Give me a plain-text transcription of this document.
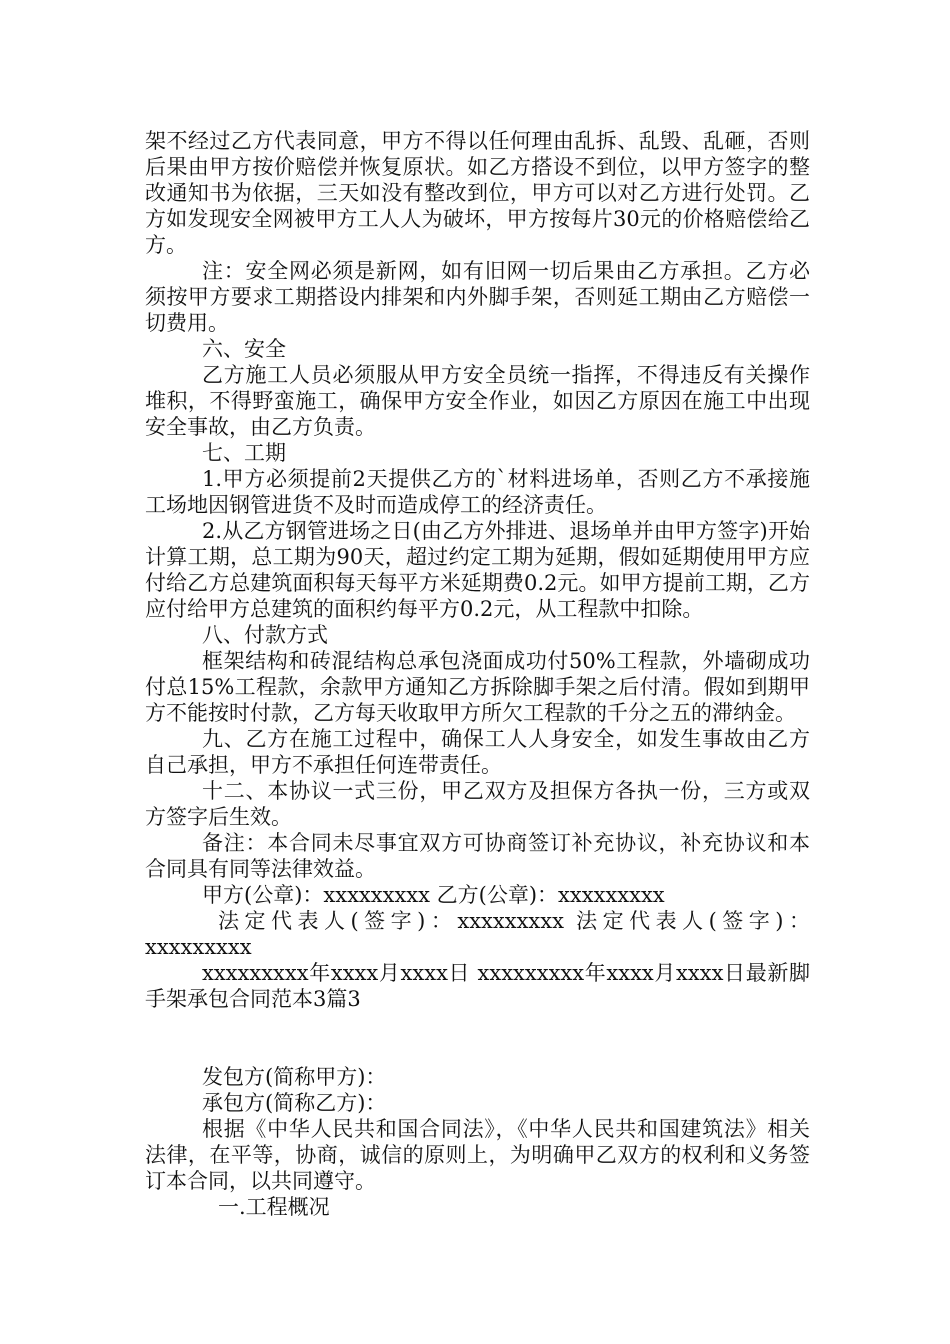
架不经过乙方代表同意，甲方不得以任何理由乱拆、乱毁、乱砸，否则后果由甲方按价赔偿并恢复原状。如乙方搭设不到位，以甲方签字的整改通知书为依据，三天如没有整改到位，甲方可以对乙方进行处罚。乙方如发现安全网被甲方工人人为破坏，甲方按每片30元的价格赔偿给乙方。

注：安全网必须是新网，如有旧网一切后果由乙方承担。乙方必须按甲方要求工期搭设内排架和内外脚手架，否则延工期由乙方赔偿一切费用。

六、安全

乙方施工人员必须服从甲方安全员统一指挥，不得违反有关操作堆积，不得野蛮施工，确保甲方安全作业，如因乙方原因在施工中出现安全事故，由乙方负责。

七、工期

1.甲方必须提前2天提供乙方的`材料进场单，否则乙方不承接施工场地因钢管进货不及时而造成停工的经济责任。

2.从乙方钢管进场之日(由乙方外排进、退场单并由甲方签字)开始计算工期，总工期为90天，超过约定工期为延期，假如延期使用甲方应付给乙方总建筑面积每天每平方米延期费0.2元。如甲方提前工期，乙方应付给甲方总建筑的面积约每平方0.2元，从工程款中扣除。

八、付款方式

框架结构和砖混结构总承包浇面成功付50%工程款，外墙砌成功付总15%工程款，余款甲方通知乙方拆除脚手架之后付清。假如到期甲方不能按时付款，乙方每天收取甲方所欠工程款的千分之五的滞纳金。

九、乙方在施工过程中，确保工人人身安全，如发生事故由乙方自己承担，甲方不承担任何连带责任。

十二、本协议一式三份，甲乙双方及担保方各执一份，三方或双方签字后生效。

备注：本合同未尽事宜双方可协商签订补充协议，补充协议和本合同具有同等法律效益。

甲方(公章)：xxxxxxxxx 乙方(公章)：xxxxxxxxx

法定代表人(签字)：xxxxxxxxx 法定代表人(签字)：

xxxxxxxxx

xxxxxxxxx年xxxx月xxxx日 xxxxxxxxx年xxxx月xxxx日最新脚手架承包合同范本3篇3

发包方(简称甲方)：

承包方(简称乙方)：

根据《中华人民共和国合同法》，《中华人民共和国建筑法》相关法律，在平等，协商，诚信的原则上，为明确甲乙双方的权利和义务签订本合同，以共同遵守。

一.工程概况
